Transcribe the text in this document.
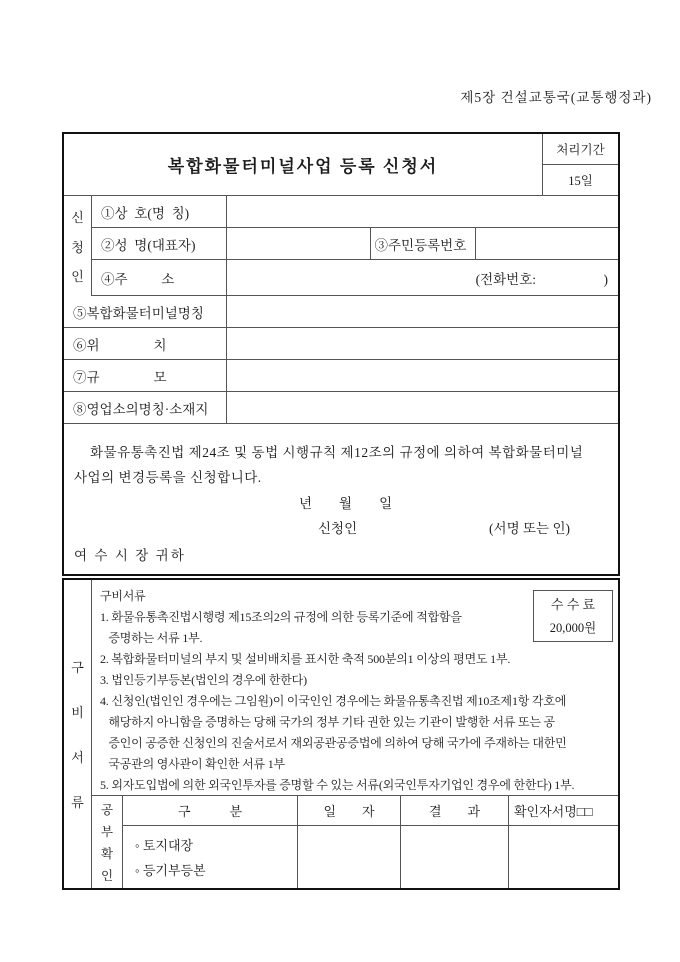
제5장 건설교통국(교통행정과)
복합화물터미널사업 등록 신청서
처리기간
15일
신
청
인
①상  호(명  칭)
②성  명(대표자)	③주민등록번호
④주          소	(전화번호:                    )
⑤복합화물터미널명칭
⑥위                치
⑦규                모
⑧영업소의명칭·소재지
화물유통촉진법 제24조 및 동법 시행규칙 제12조의 규정에 의하여 복합화물터미널
사업의 변경등록을 신청합니다.
년        월        일
신청인	(서명 또는 인)
여 수 시 장 귀하
구
비
서
류
구비서류
1. 화물유통촉진법시행령 제15조의2의 규정에 의한 등록기준에 적합함을
증명하는 서류 1부.
2. 복합화물터미널의 부지 및 설비배치를 표시한 축적 500분의1 이상의 평면도 1부.
3. 법인등기부등본(법인의 경우에 한한다)
4. 신청인(법인인 경우에는 그임원)이 이국인인 경우에는 화물유통촉진법 제10조제1항 각호에
해당하지 아니함을 증명하는 당해 국가의 정부 기타 권한 있는 기관이 발행한 서류 또는 공
증인이 공증한 신청인의 진술서로서 재외공관공증법에 의하여 당해 국가에 주재하는 대한민
국공관의 영사관이 확인한 서류 1부
5. 외자도입법에 의한 외국인투자를 증명할 수 있는 서류(외국인투자기업인 경우에 한한다) 1부.
수 수 료
20,000원
공
부
확
인
구            분	일        자	결        과	확인자서명□□
◦ 토지대장
◦ 등기부등본
